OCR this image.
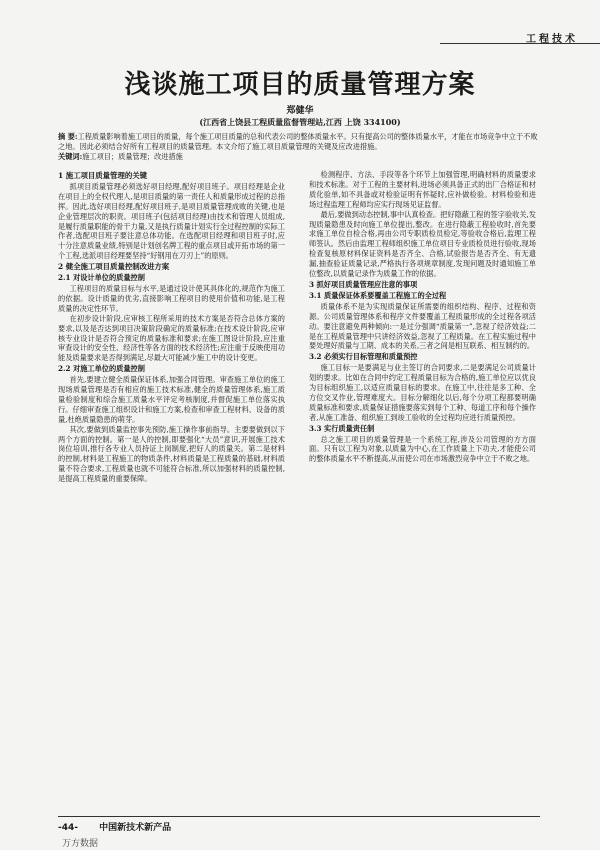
工程技术
浅谈施工项目的质量管理方案
郑健华
(江西省上饶县工程质量监督管理站,江西 上饶 334100)
摘 要:工程质量影响着施工项目的质量，每个施工项目质量的总和代表公司的整体质量水平。只有提高公司的整体质量水平，才能在市场竞争中立于不败之地。因此必须结合好所有工程项目的质量管理。本文介绍了施工项目质量管理的关键及应改进措施。
关键词:施工项目；质量管理；改进措施
1 施工项目质量管理的关键

抓项目质量管理必须选好项目经理,配好项目班子。项目经理是企业在项目上的全权代理人,是项目质量的第一责任人和质量形成过程的总指挥。因此,选好项目经理,配好项目班子,是项目质量管理成败的关键,也是企业管理层次的职责。项目班子(包括项目经理)由技术和管理人员组成,是履行质量职能的骨干力量,又是执行质量计划实行全过程控制的实际工作者,选配项目班子要注意总体功能。在选配项目经理和项目班子时,应十分注意质量业绩,特别是计划创名牌工程的重点项目或开拓市场的第一个工程,选派项目经理要坚持“好钢用在刀刃上”的原则。

2 健全施工项目质量控制改进方案
2.1 对设计单位的质量控制

工程项目的质量目标与水平,是通过设计使其具体化的,规范作为施工的依据。设计质量的优劣,直接影响工程项目的使用价值和功能,是工程质量的决定性环节。

在初步设计阶段,应审核工程所采用的技术方案是否符合总体方案的要求,以及是否达到项目决策阶段确定的质量标准;在技术设计阶段,应审核专业设计是否符合预定的质量标准和要求;在施工图设计阶段,应注重审查设计的安全性、经济性等各方面的技术经济性;应注重于反映使用功能及质量要求是否得到满足,尽最大可能减少施工中的设计变更。

2.2 对施工单位的质量控制

首先,要建立健全质量保证体系,加强合同管理。审查施工单位的施工现场质量管理是否有相应的施工技术标准,健全的质量管理体系,施工质量检验制度和综合施工质量水平评定考核制度,并督促施工单位落实执行。仔细审查施工组织设计和施工方案,检查和审查工程材料、设备的质量,杜绝质量隐患的萌芽。

其次,要做到质量监控事先预防,施工操作事前指导。主要要做到以下两个方面的控制。第一是人的控制,即要强化“大员”意识,开展施工技术岗位培训,推行各专业人员持证上岗制度,把好人的质量关。第二是材料的控制,材料是工程施工的物质条件,材料质量是工程质量的基础,材料质量不符合要求,工程质量也就不可能符合标准,所以加强材料的质量控制,是提高工程质量的重要保障。

检测程序、方法、手段等各个环节上加强管理,明确材料的质量要求和技术标准。对于工程的主要材料,进场必须具备正式的出厂合格证和材质化验单,如不具备或对检验证明有怀疑时,应补做检验。材料检验和进场过程监理工程师均应实行现场见证监督。

最后,要做到动态控制,事中认真检查。把好隐蔽工程的签字验收关,发现质量隐患及时向施工单位提出,整改。在进行隐蔽工程验收时,首先要求施工单位自检合格,再由公司专职质检员检定,等验收合格后,监理工程师签认。然后由监理工程师组织施工单位项目专业质检员进行验收,现场检查复核原材料保证资料是否齐全、合格,试验报告是否齐全、有无遗漏,抽查验证质量记录,严格执行各项规章制度,发现问题及时通知施工单位整改,以质量记录作为质量工作的依据。

3 抓好项目质量管理应注意的事项
3.1 质量保证体系要覆盖工程施工的全过程

质量体系不是为实现质量保证所需要的组织结构、程序、过程和资源。公司质量管理体系和程序文件要覆盖工程质量形成的全过程各项活动。要注意避免两种倾向:一是过分强调“质量第一”,忽视了经济效益;二是在工程质量管理中只讲经济效益,忽视了工程质量。在工程实施过程中要处理好质量与工期、成本的关系,三者之间是相互联系、相互制约的。

3.2 必须实行目标管理和质量预控

施工目标一是要满足与业主签订的合同要求,二是要满足公司质量计划的要求。比如在合同中约定工程质量目标为合格的,施工单位应以优良为目标组织施工,以适应质量目标的要求。在施工中,往往是多工种、全方位交叉作业,管理难度大。目标分解细化以后,每个分项工程都要明确质量标准和要求,质量保证措施要落实到每个工种、每道工序和每个操作者,从施工准备、组织施工到竣工验收的全过程均应进行质量预控。

3.3 实行质量责任制

总之施工项目的质量管理是一个系统工程,涉及公司管理的方方面面。只有以工程为对象,以质量为中心,在工作质量上下功夫,才能使公司的整体质量水平不断提高,从而使公司在市场激烈竞争中立于不败之地。

-44- 中国新技术新产品
万方数据
